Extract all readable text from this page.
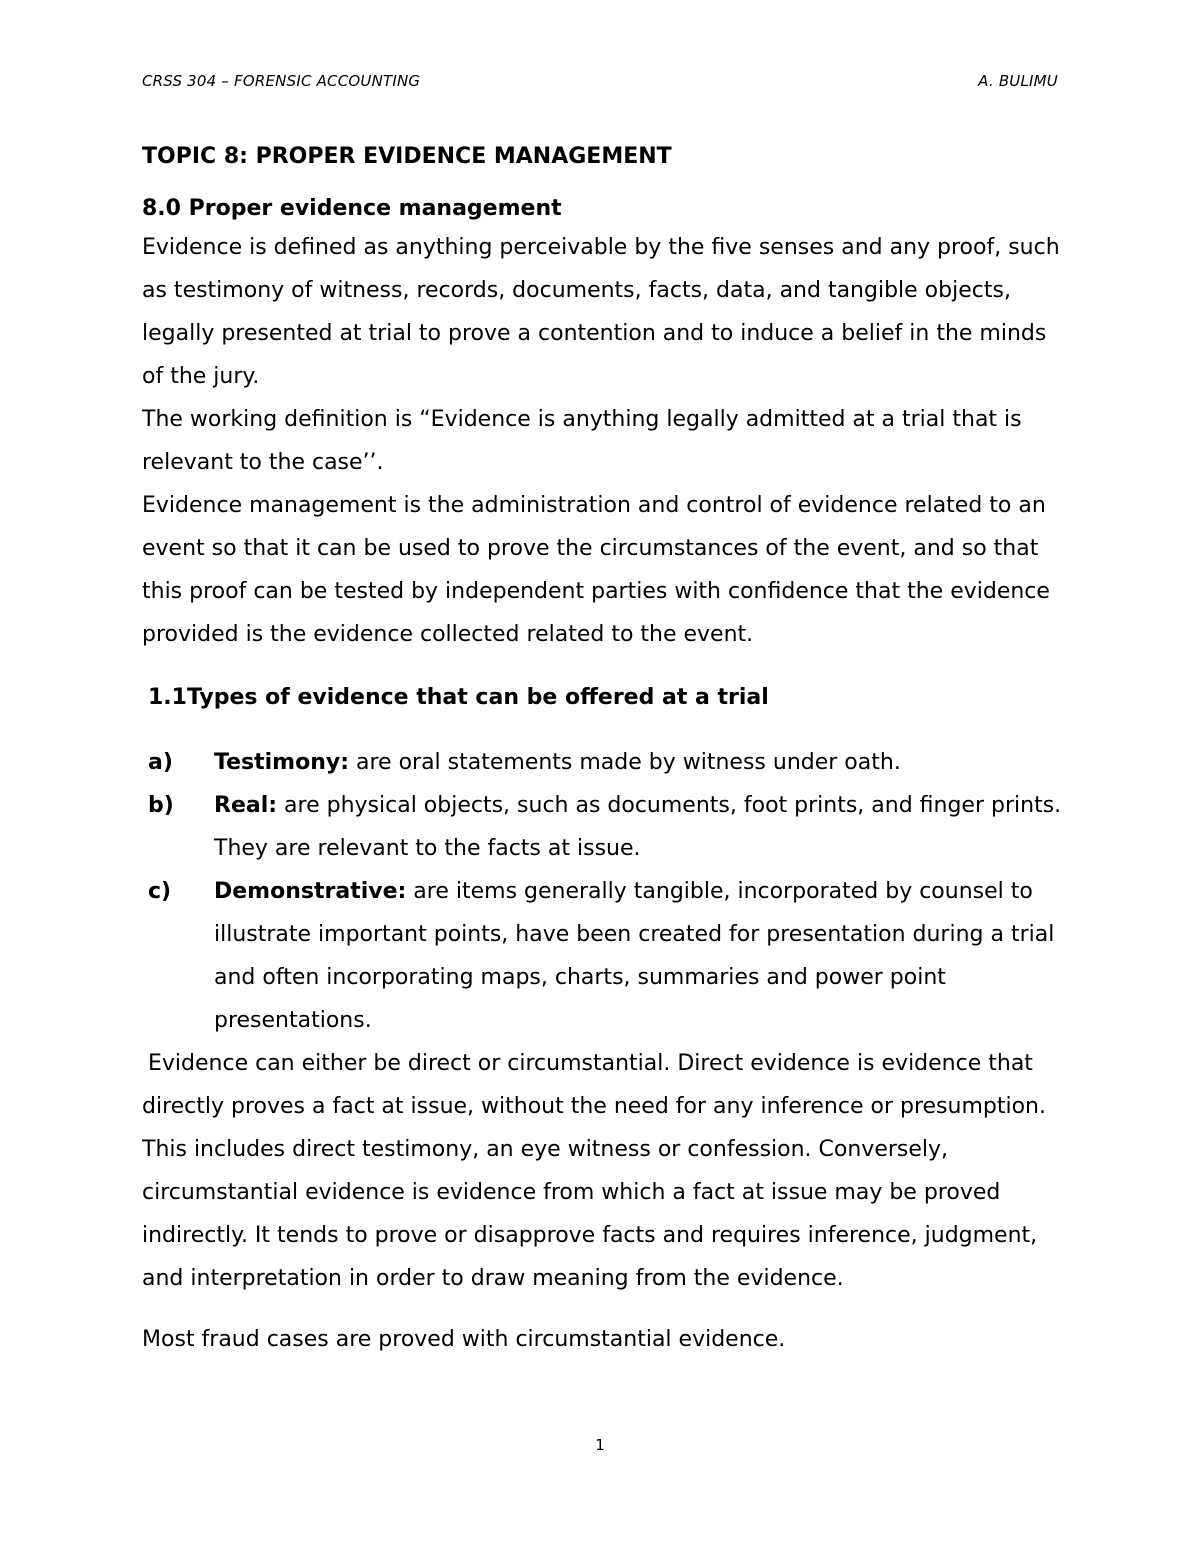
CRSS 304 – FORENSIC ACCOUNTING	A. BULIMU

TOPIC 8: PROPER EVIDENCE MANAGEMENT

8.0 Proper evidence management

Evidence is defined as anything perceivable by the five senses and any proof, such as testimony of witness, records, documents, facts, data, and tangible objects, legally presented at trial to prove a contention and to induce a belief in the minds of the jury.

The working definition is “Evidence is anything legally admitted at a trial that is relevant to the case’’.

Evidence management is the administration and control of evidence related to an event so that it can be used to prove the circumstances of the event, and so that this proof can be tested by independent parties with confidence that the evidence provided is the evidence collected related to the event.

1.1Types of evidence that can be offered at a trial

a) Testimony: are oral statements made by witness under oath.
b) Real: are physical objects, such as documents, foot prints, and finger prints. They are relevant to the facts at issue.
c) Demonstrative: are items generally tangible, incorporated by counsel to illustrate important points, have been created for presentation during a trial and often incorporating maps, charts, summaries and power point presentations.

Evidence can either be direct or circumstantial. Direct evidence is evidence that directly proves a fact at issue, without the need for any inference or presumption. This includes direct testimony, an eye witness or confession. Conversely, circumstantial evidence is evidence from which a fact at issue may be proved indirectly. It tends to prove or disapprove facts and requires inference, judgment, and interpretation in order to draw meaning from the evidence.

Most fraud cases are proved with circumstantial evidence.

1
